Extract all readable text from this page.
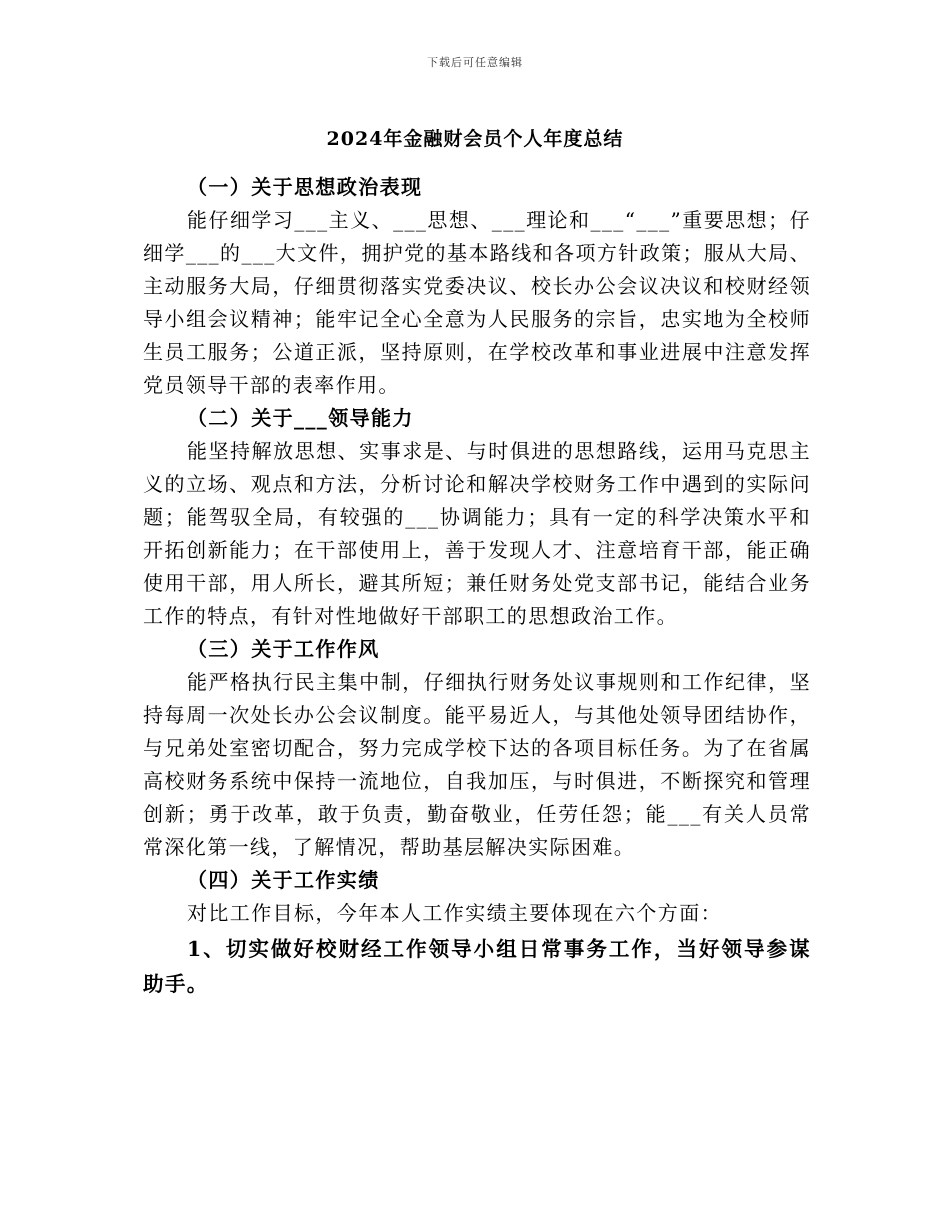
下载后可任意编辑
2024年金融财会员个人年度总结

（一）关于思想政治表现

能仔细学习___主义、___思想、___理论和___“___”重要思想；仔细学___的___大文件，拥护党的基本路线和各项方针政策；服从大局、主动服务大局，仔细贯彻落实党委决议、校长办公会议决议和校财经领导小组会议精神；能牢记全心全意为人民服务的宗旨，忠实地为全校师生员工服务；公道正派，坚持原则，在学校改革和事业进展中注意发挥党员领导干部的表率作用。

（二）关于___领导能力

能坚持解放思想、实事求是、与时俱进的思想路线，运用马克思主义的立场、观点和方法，分析讨论和解决学校财务工作中遇到的实际问题；能驾驭全局，有较强的___协调能力；具有一定的科学决策水平和开拓创新能力；在干部使用上，善于发现人才、注意培育干部，能正确使用干部，用人所长，避其所短；兼任财务处党支部书记，能结合业务工作的特点，有针对性地做好干部职工的思想政治工作。

（三）关于工作作风

能严格执行民主集中制，仔细执行财务处议事规则和工作纪律，坚持每周一次处长办公会议制度。能平易近人，与其他处领导团结协作，与兄弟处室密切配合，努力完成学校下达的各项目标任务。为了在省属高校财务系统中保持一流地位，自我加压，与时俱进，不断探究和管理创新；勇于改革，敢于负责，勤奋敬业，任劳任怨；能___有关人员常常深化第一线，了解情况，帮助基层解决实际困难。

（四）关于工作实绩

对比工作目标，今年本人工作实绩主要体现在六个方面：

1、切实做好校财经工作领导小组日常事务工作，当好领导参谋助手。
